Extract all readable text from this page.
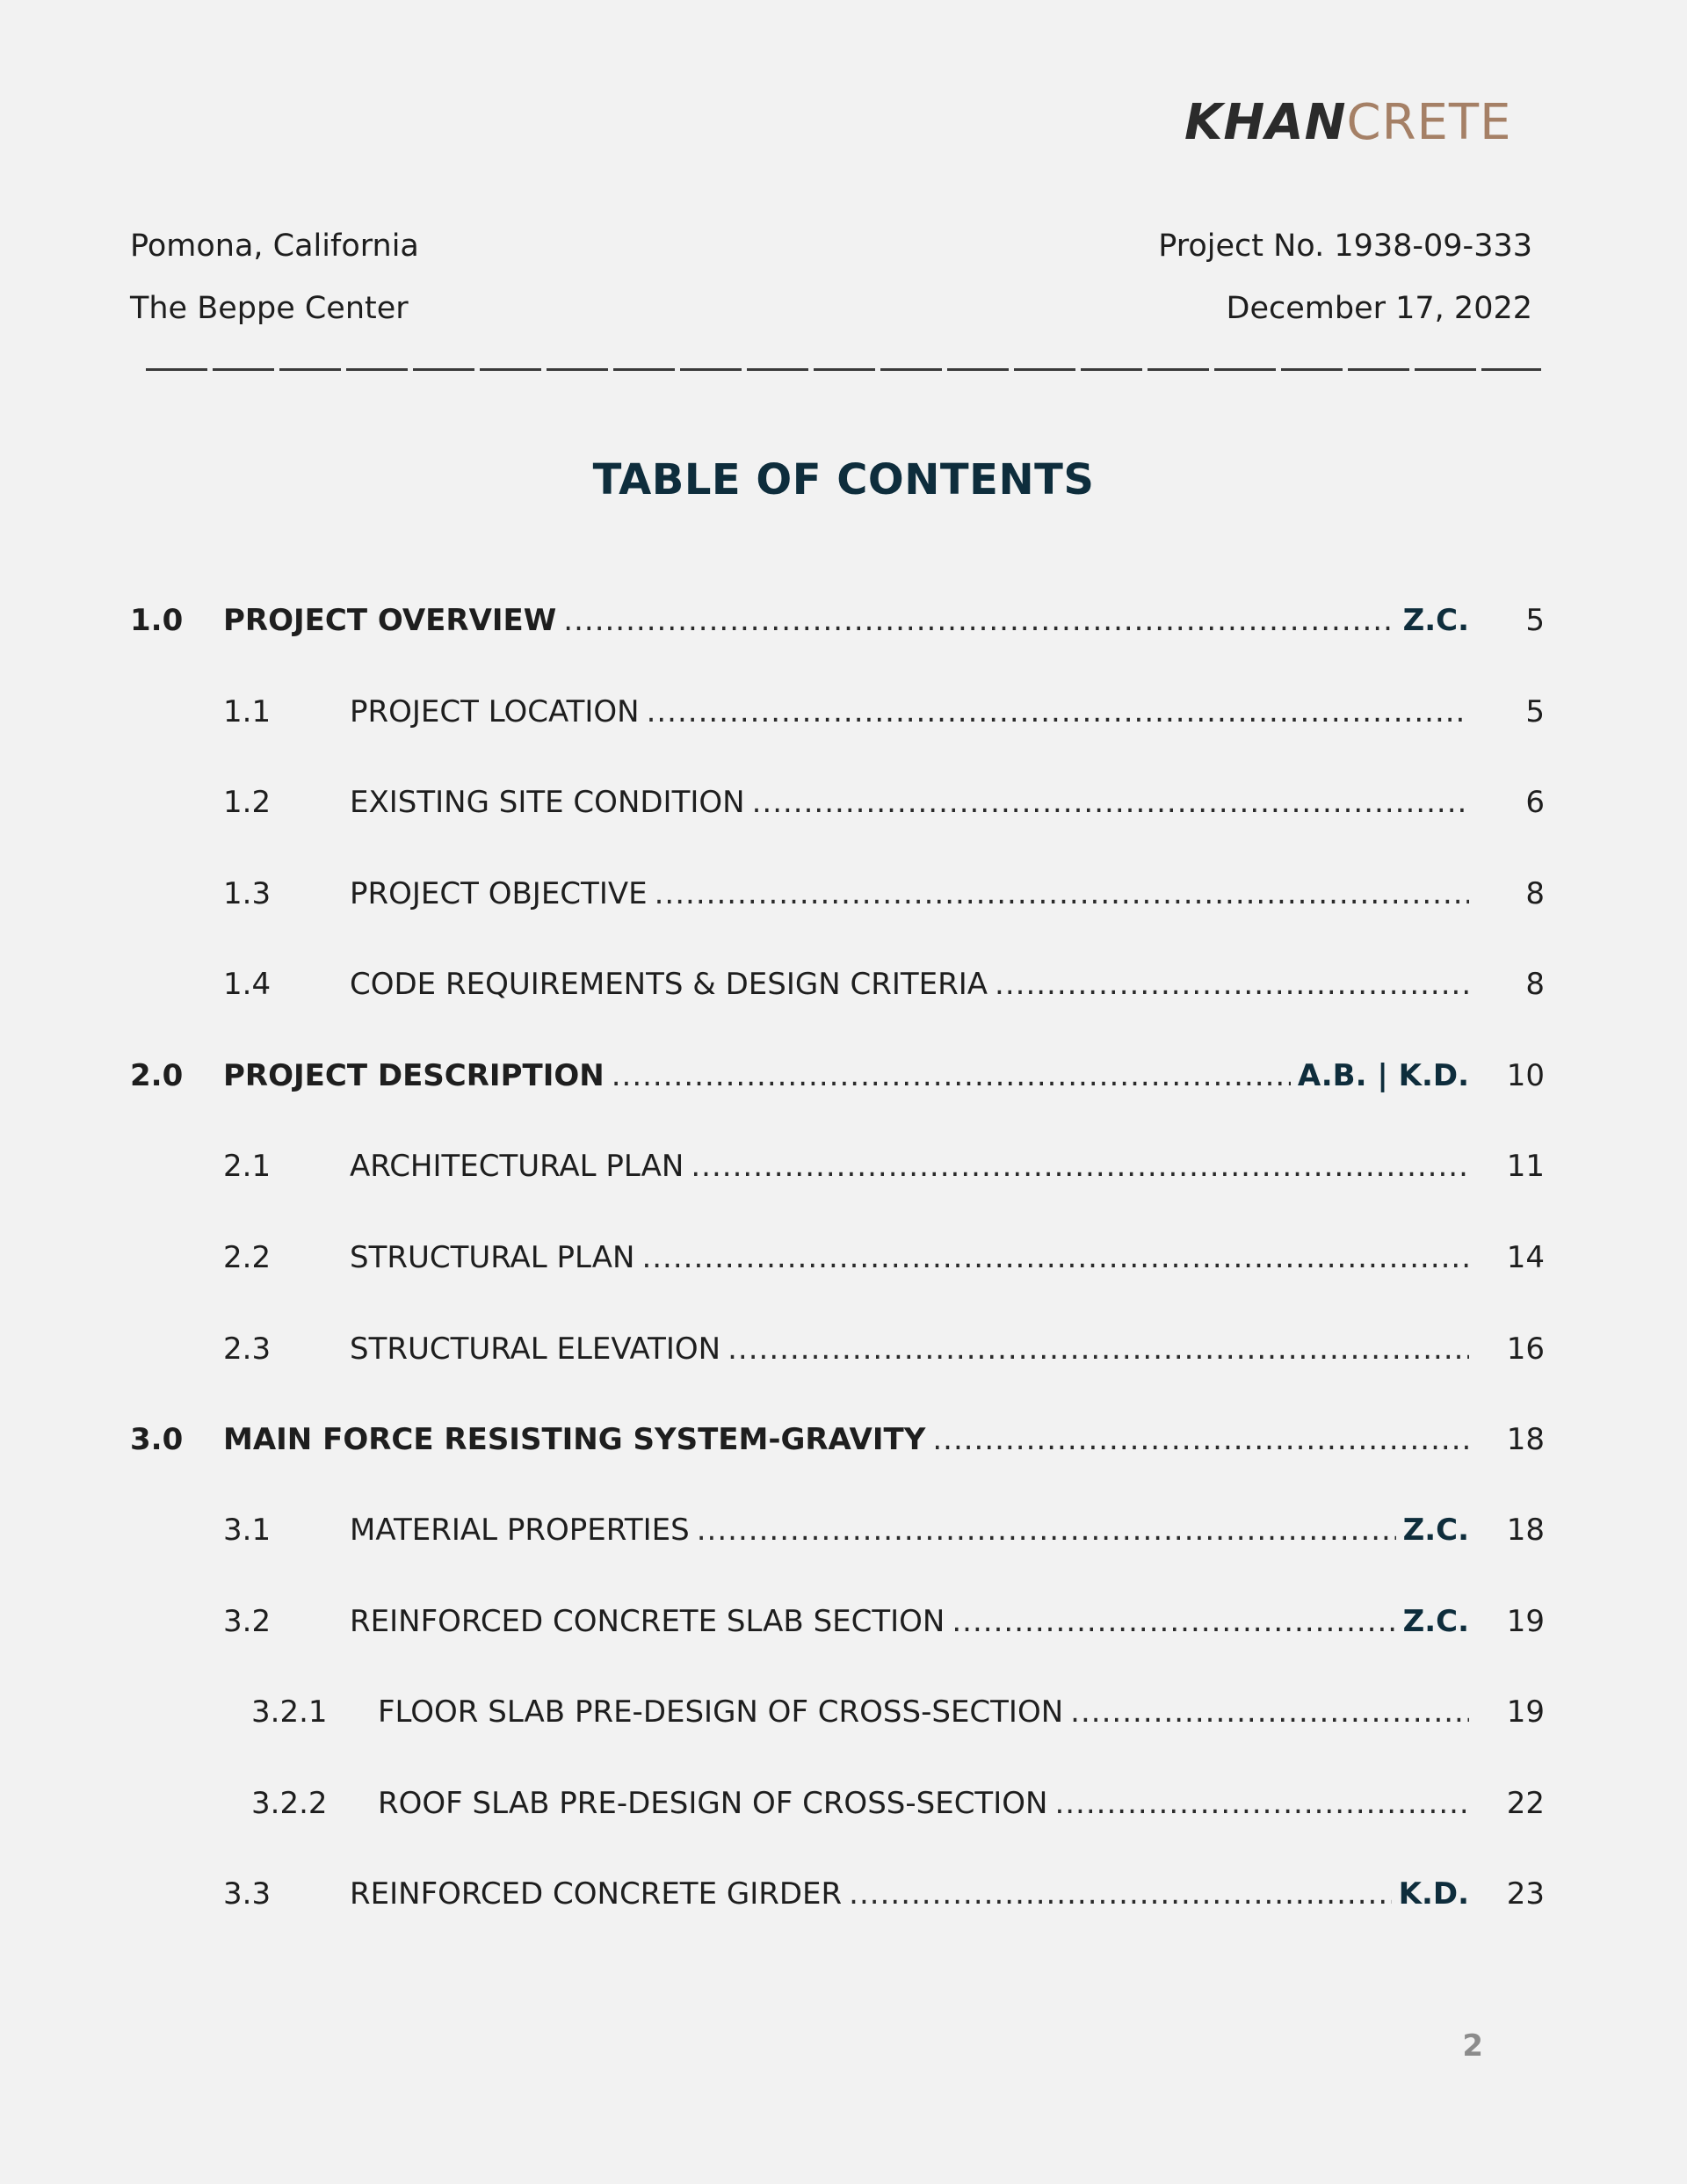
KHANCRETE
Pomona, California	Project No. 1938-09-333
The Beppe Center	December 17, 2022
TABLE OF CONTENTS
1.0 PROJECT OVERVIEW .....	Z.C. 5
1.1	PROJECT LOCATION .....	5
1.2	EXISTING SITE CONDITION .....	6
1.3	PROJECT OBJECTIVE .....	8
1.4	CODE REQUIREMENTS & DESIGN CRITERIA .....	8
2.0 PROJECT DESCRIPTION .....	A.B. | K.D. 10
2.1	ARCHITECTURAL PLAN .....	11
2.2	STRUCTURAL PLAN .....	14
2.3	STRUCTURAL ELEVATION .....	16
3.0 MAIN FORCE RESISTING SYSTEM-GRAVITY .....	18
3.1	MATERIAL PROPERTIES .....	Z.C. 18
3.2	REINFORCED CONCRETE SLAB SECTION .....	Z.C. 19
3.2.1 FLOOR SLAB PRE-DESIGN OF CROSS-SECTION .....	19
3.2.2 ROOF SLAB PRE-DESIGN OF CROSS-SECTION .....	22
3.3	REINFORCED CONCRETE GIRDER .....	K.D. 23
2
